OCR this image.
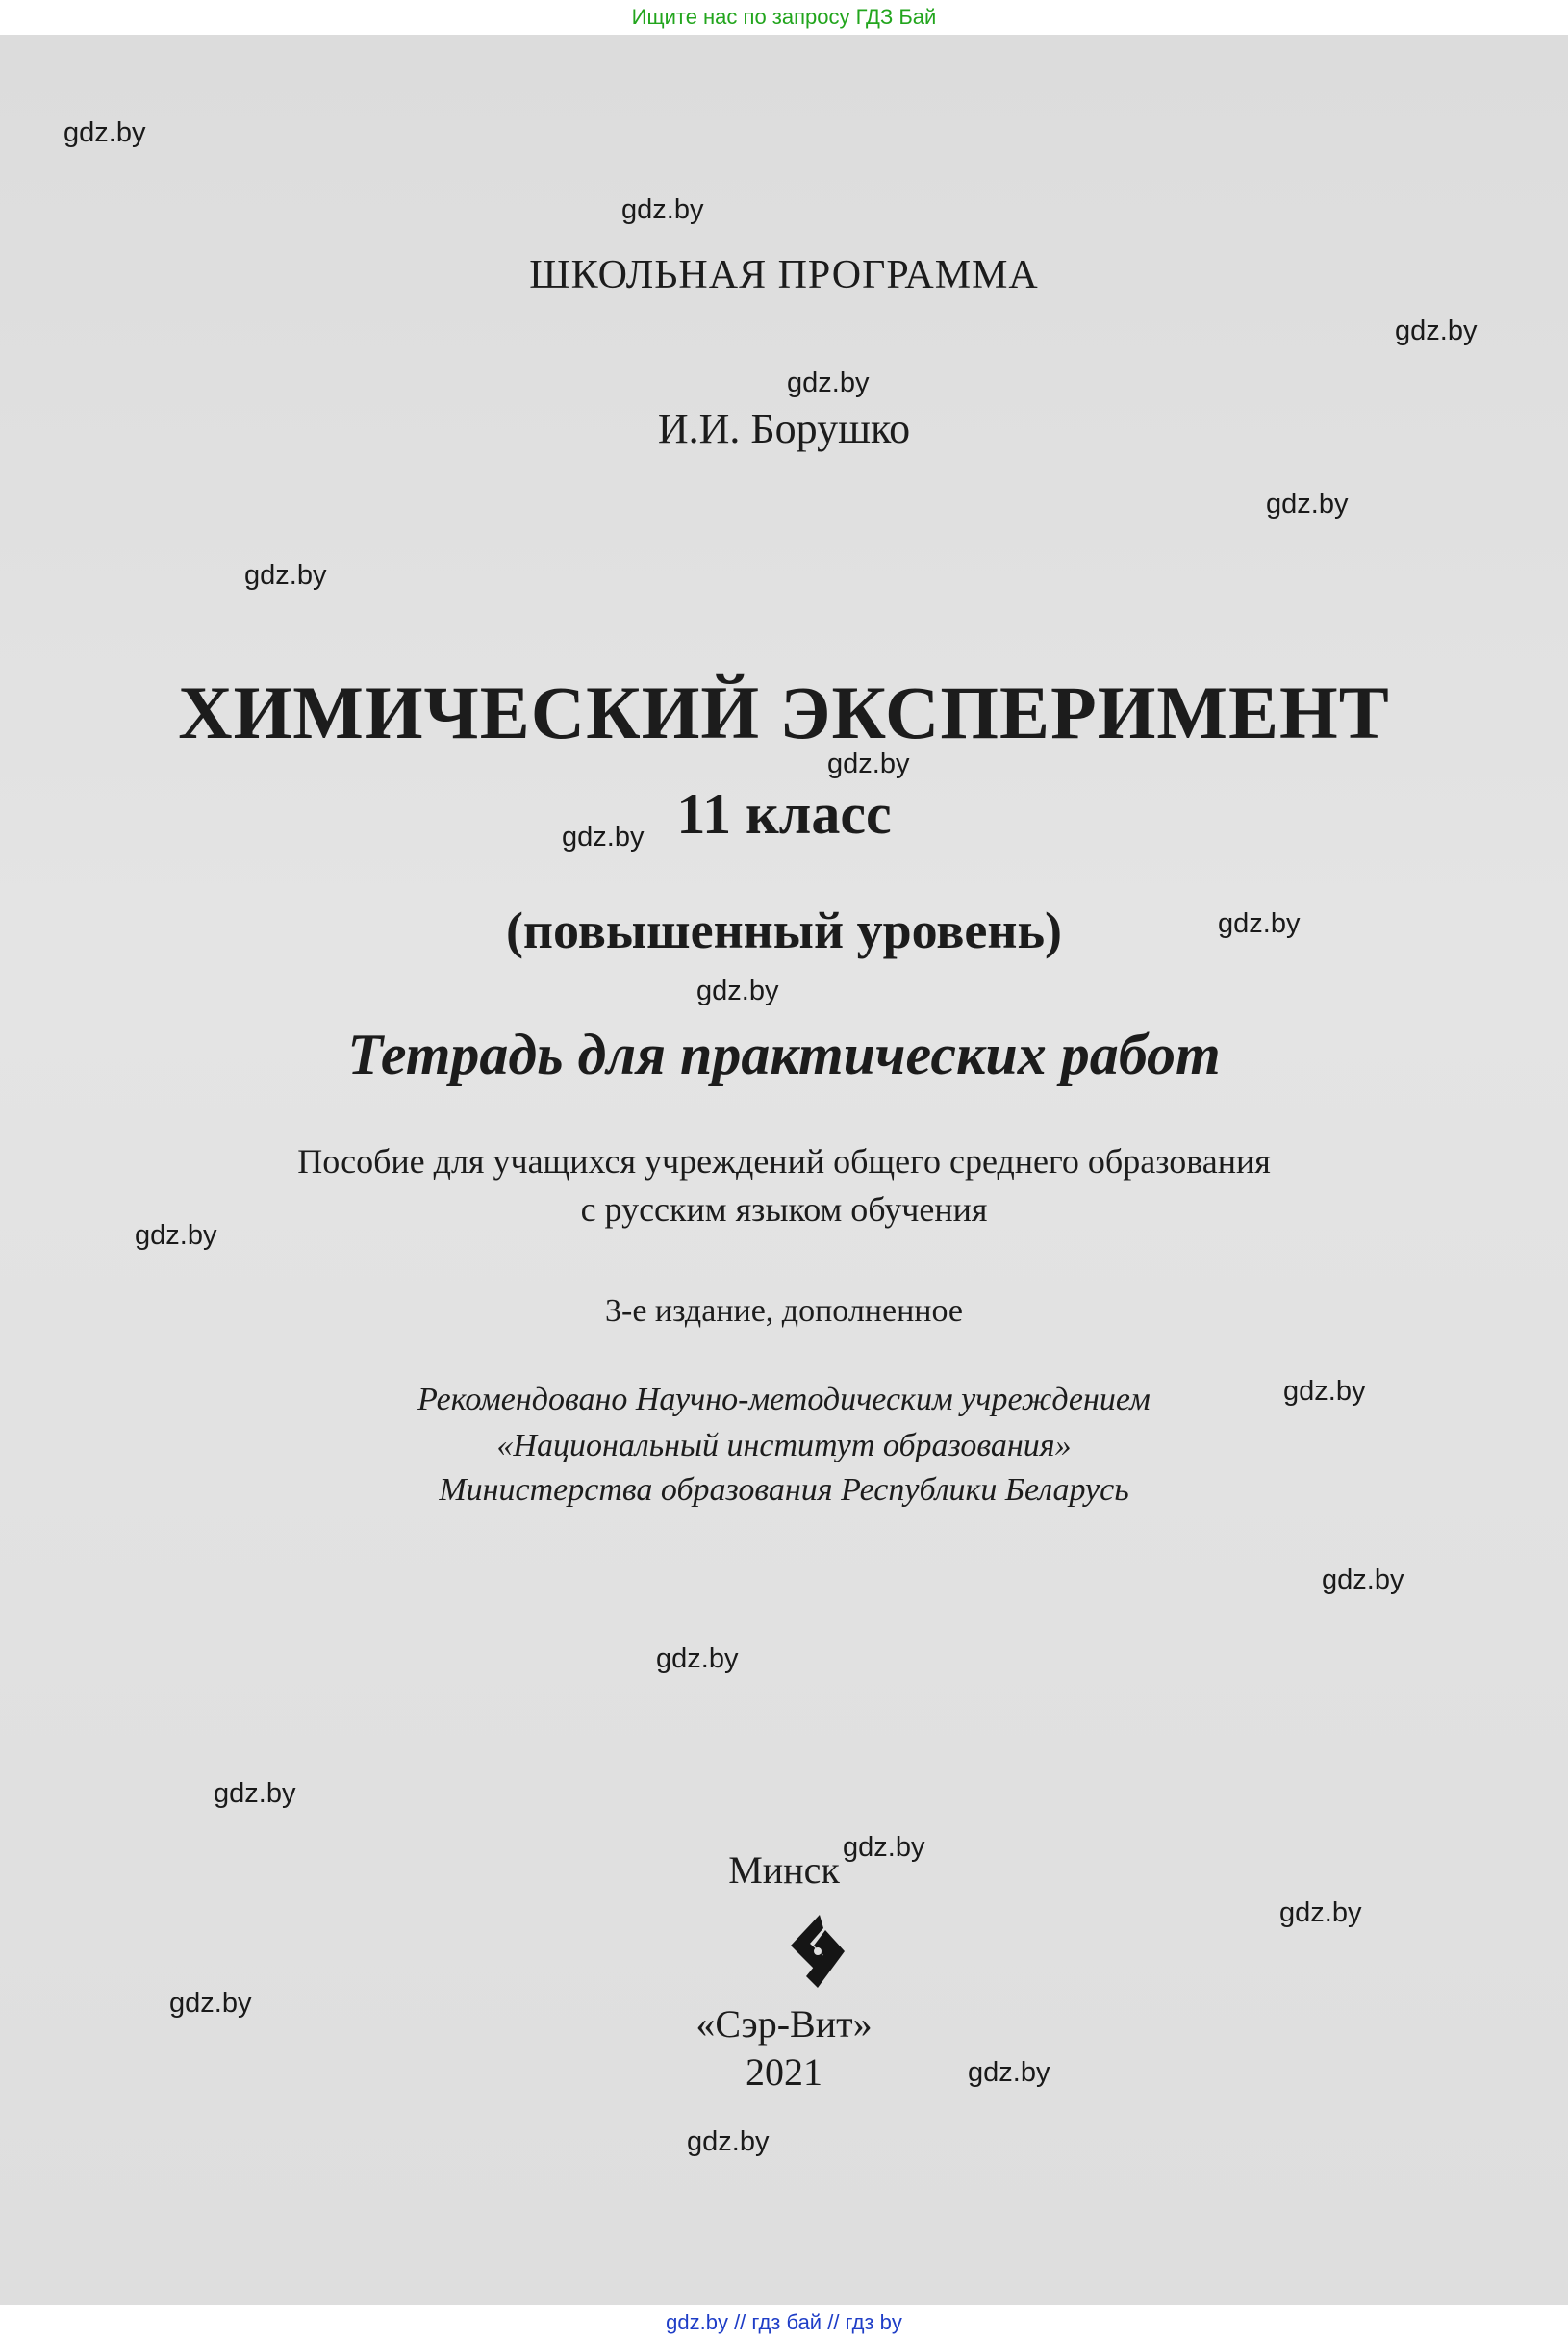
Ищите нас по запросу ГДЗ Бай
ШКОЛЬНАЯ ПРОГРАММА
И.И. Борушко
ХИМИЧЕСКИЙ ЭКСПЕРИМЕНТ
11 класс
(повышенный уровень)
Тетрадь для практических работ
Пособие для учащихся учреждений общего среднего образования
с русским языком обучения
3-е издание, дополненное
Рекомендовано Научно-методическим учреждением
«Национальный институт образования»
Министерства образования Республики Беларусь
Минск
«Сэр-Вит»
2021
gdz.by
gdz.by
gdz.by
gdz.by
gdz.by
gdz.by
gdz.by
gdz.by
gdz.by
gdz.by
gdz.by
gdz.by
gdz.by
gdz.by
gdz.by
gdz.by
gdz.by
gdz.by
gdz.by
gdz.by
gdz.by // гдз бай // гдз by
